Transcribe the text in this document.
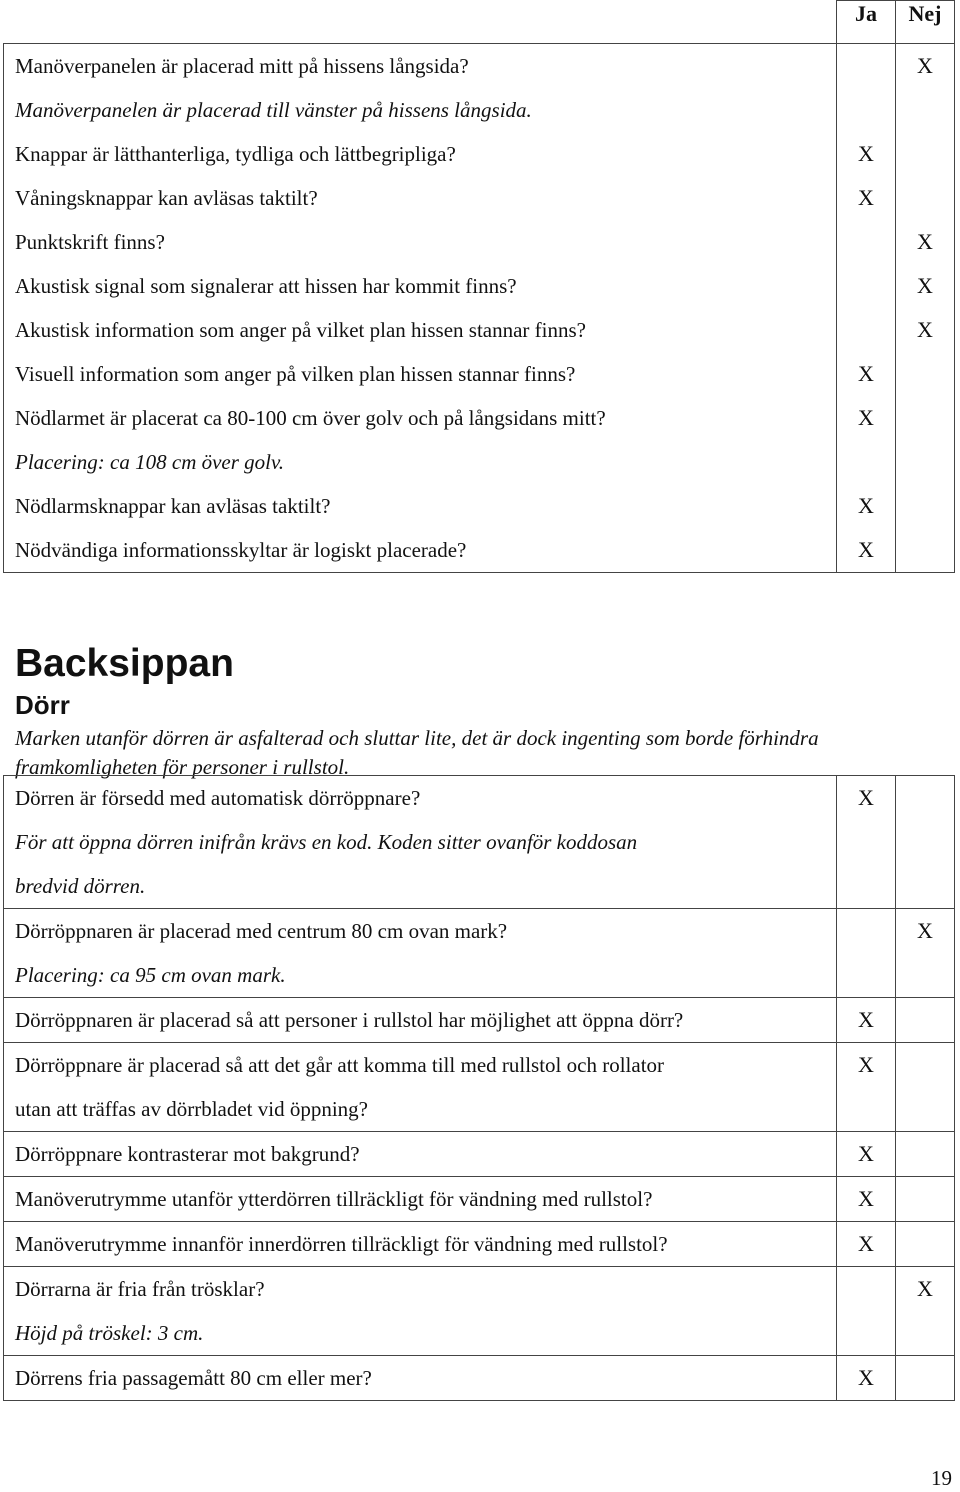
	Ja	Nej

Manöverpanelen är placerad mitt på hissens långsida?		X

Manöverpanelen är placerad till vänster på hissens långsida.		

Knappar är lätthanterliga, tydliga och lättbegripliga?	X	

Våningsknappar kan avläsas taktilt?	X	

Punktskrift finns?		X

Akustisk signal som signalerar att hissen har kommit finns?		X

Akustisk information som anger på vilket plan hissen stannar finns?		X

Visuell information som anger på vilken plan hissen stannar finns?	X	

Nödlarmet är placerat ca 80-100 cm över golv och på långsidans mitt?
Placering: ca 108 cm över golv.	X	

Nödlarmsknappar kan avläsas taktilt?	X	

Nödvändiga informationsskyltar är logiskt placerade?	X	

Backsippan
Dörr

Marken utanför dörren är asfalterad och sluttar lite, det är dock ingenting som borde förhindra framkomligheten för personer i rullstol.

Dörren är försedd med automatisk dörröppnare?
För att öppna dörren inifrån krävs en kod. Koden sitter ovanför koddosan
bredvid dörren.	X	

Dörröppnaren är placerad med centrum 80 cm ovan mark?
Placering: ca 95 cm ovan mark.		X

Dörröppnaren är placerad så att personer i rullstol har möjlighet att öppna dörr?	X	

Dörröppnare är placerad så att det går att komma till med rullstol och rollator
utan att träffas av dörrbladet vid öppning?	X	

Dörröppnare kontrasterar mot bakgrund?	X	

Manöverutrymme utanför ytterdörren tillräckligt för vändning med rullstol?	X	

Manöverutrymme innanför innerdörren tillräckligt för vändning med rullstol?	X	

Dörrarna är fria från trösklar?
Höjd på tröskel: 3 cm.		X

Dörrens fria passagemått 80 cm eller mer?	X	

19
